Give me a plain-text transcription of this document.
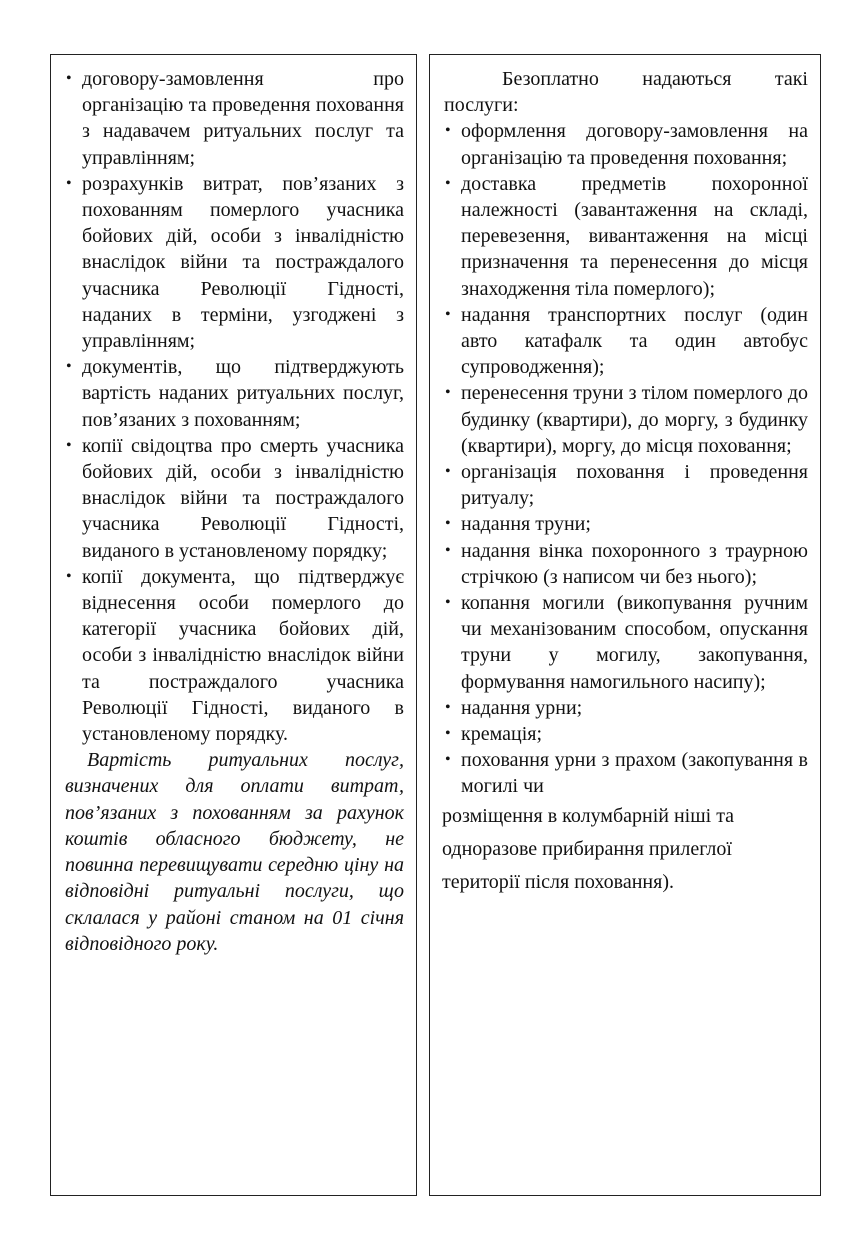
• договору-замовлення про організацію та проведення поховання з надавачем ритуальних послуг та управлінням;
• розрахунків витрат, пов’язаних з похованням померлого учасника бойових дій, особи з інвалідністю внаслідок війни та постраждалого учасника Революції Гідності, наданих в терміни, узгоджені з управлінням;
• документів, що підтверджують вартість наданих ритуальних послуг, пов’язаних з похованням;
• копії свідоцтва про смерть учасника бойових дій, особи з інвалідністю внаслідок війни та постраждалого учасника Революції Гідності, виданого в установленому порядку;
• копії документа, що підтверджує віднесення особи померлого до категорії учасника бойових дій, особи з інвалідністю внаслідок війни та постраждалого учасника Революції Гідності, виданого в установленому порядку.
Вартість ритуальних послуг, визначених для оплати витрат, пов’язаних з похованням за рахунок коштів обласного бюджету, не повинна перевищувати середню ціну на відповідні ритуальні послуги, що склалася у районі станом на 01 січня відповідного року.
Безоплатно надаються такі послуги:
• оформлення договору-замовлення на організацію та проведення поховання;
• доставка предметів похоронної належності (завантаження на складі, перевезення, вивантаження на місці призначення та перенесення до місця знаходження тіла померлого);
• надання транспортних послуг (один авто катафалк та один автобус супроводження);
• перенесення труни з тілом померлого до будинку (квартири), до моргу, з будинку (квартири), моргу, до місця поховання;
• організація поховання і проведення ритуалу;
• надання труни;
• надання вінка похоронного з траурною стрічкою (з написом чи без нього);
• копання могили (викопування ручним чи механізованим способом, опускання труни у могилу, закопування, формування намогильного насипу);
• надання урни;
• кремація;
• поховання урни з прахом (закопування в могилі чи
розміщення в колумбарній ніші та
одноразове прибирання прилеглої
території після поховання).
